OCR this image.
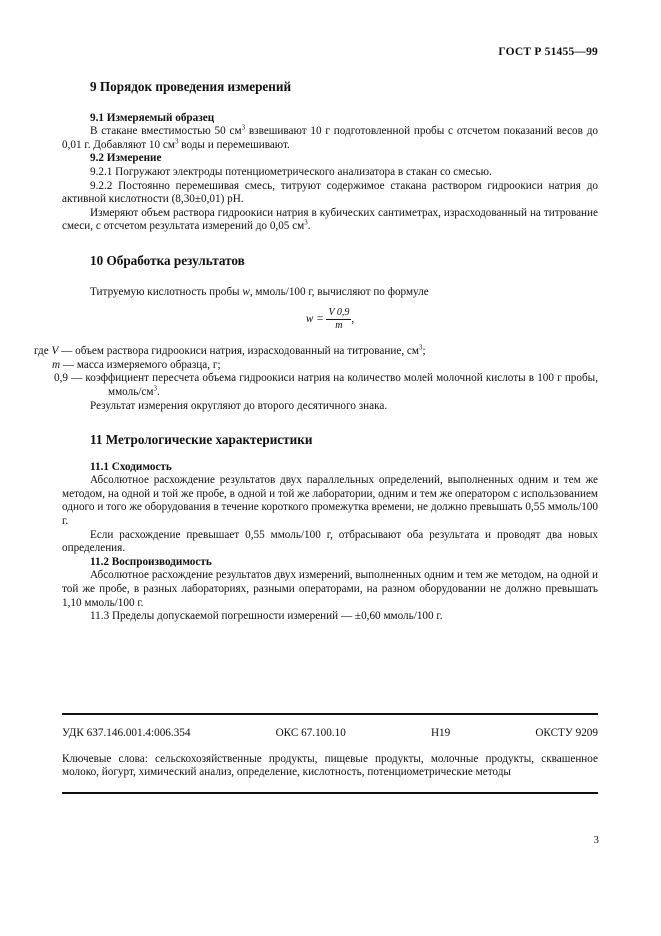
ГОСТ Р 51455—99
9 Порядок проведения измерений
9.1 Измеряемый образец

В стакане вместимостью 50 $см^3$ взвешивают 10 г подготовленной пробы с отсчетом показаний весов до 0,01 г. Добавляют 10 $см^3$ воды и перемешивают.

9.2 Измерение

9.2.1 Погружают электроды потенциометрического анализатора в стакан со смесью.

9.2.2 Постоянно перемешивая смесь, титруют содержимое стакана раствором гидроокиси натрия до активной кислотности (8,30±0,01) pH.

Измеряют объем раствора гидроокиси натрия в кубических сантиметрах, израсходованный на титрование смеси, с отсчетом результата измерений до 0,05 $см^3$.

10 Обработка результатов

Титруемую кислотность пробы w, ммоль/100 г, вычисляют по формуле

$w = \frac{V 0,9}{m}$ ,

где V — объем раствора гидроокиси натрия, израсходованный на титрование, $см^3$;

m — масса измеряемого образца, г;

0,9 — коэффициент пересчета объема гидроокиси натрия на количество молей молочной кислоты в 100 г пробы, ммоль/$см^3$.

Результат измерения округляют до второго десятичного знака.

11 Метрологические характеристики
11.1 Сходимость

Абсолютное расхождение результатов двух параллельных определений, выполненных одним и тем же методом, на одной и той же пробе, в одной и той же лаборатории, одним и тем же оператором с использованием одного и того же оборудования в течение короткого промежутка времени, не должно превышать 0,55 ммоль/100 г.

Если расхождение превышает 0,55 ммоль/100 г, отбрасывают оба результата и проводят два новых определения.

11.2 Воспроизводимость

Абсолютное расхождение результатов двух измерений, выполненных одним и тем же методом, на одной и той же пробе, в разных лабораториях, разными операторами, на разном оборудовании не должно превышать 1,10 ммоль/100 г.

11.3 Пределы допускаемой погрешности измерений — ±0,60 ммоль/100 г.

УДК 637.146.001.4:006.354	ОКС 67.100.10	Н19	ОКСТУ 9209
Ключевые слова: сельскохозяйственные продукты, пищевые продукты, молочные продукты, сквашенное молоко, йогурт, химический анализ, определение, кислотность, потенциометрические методы
3
